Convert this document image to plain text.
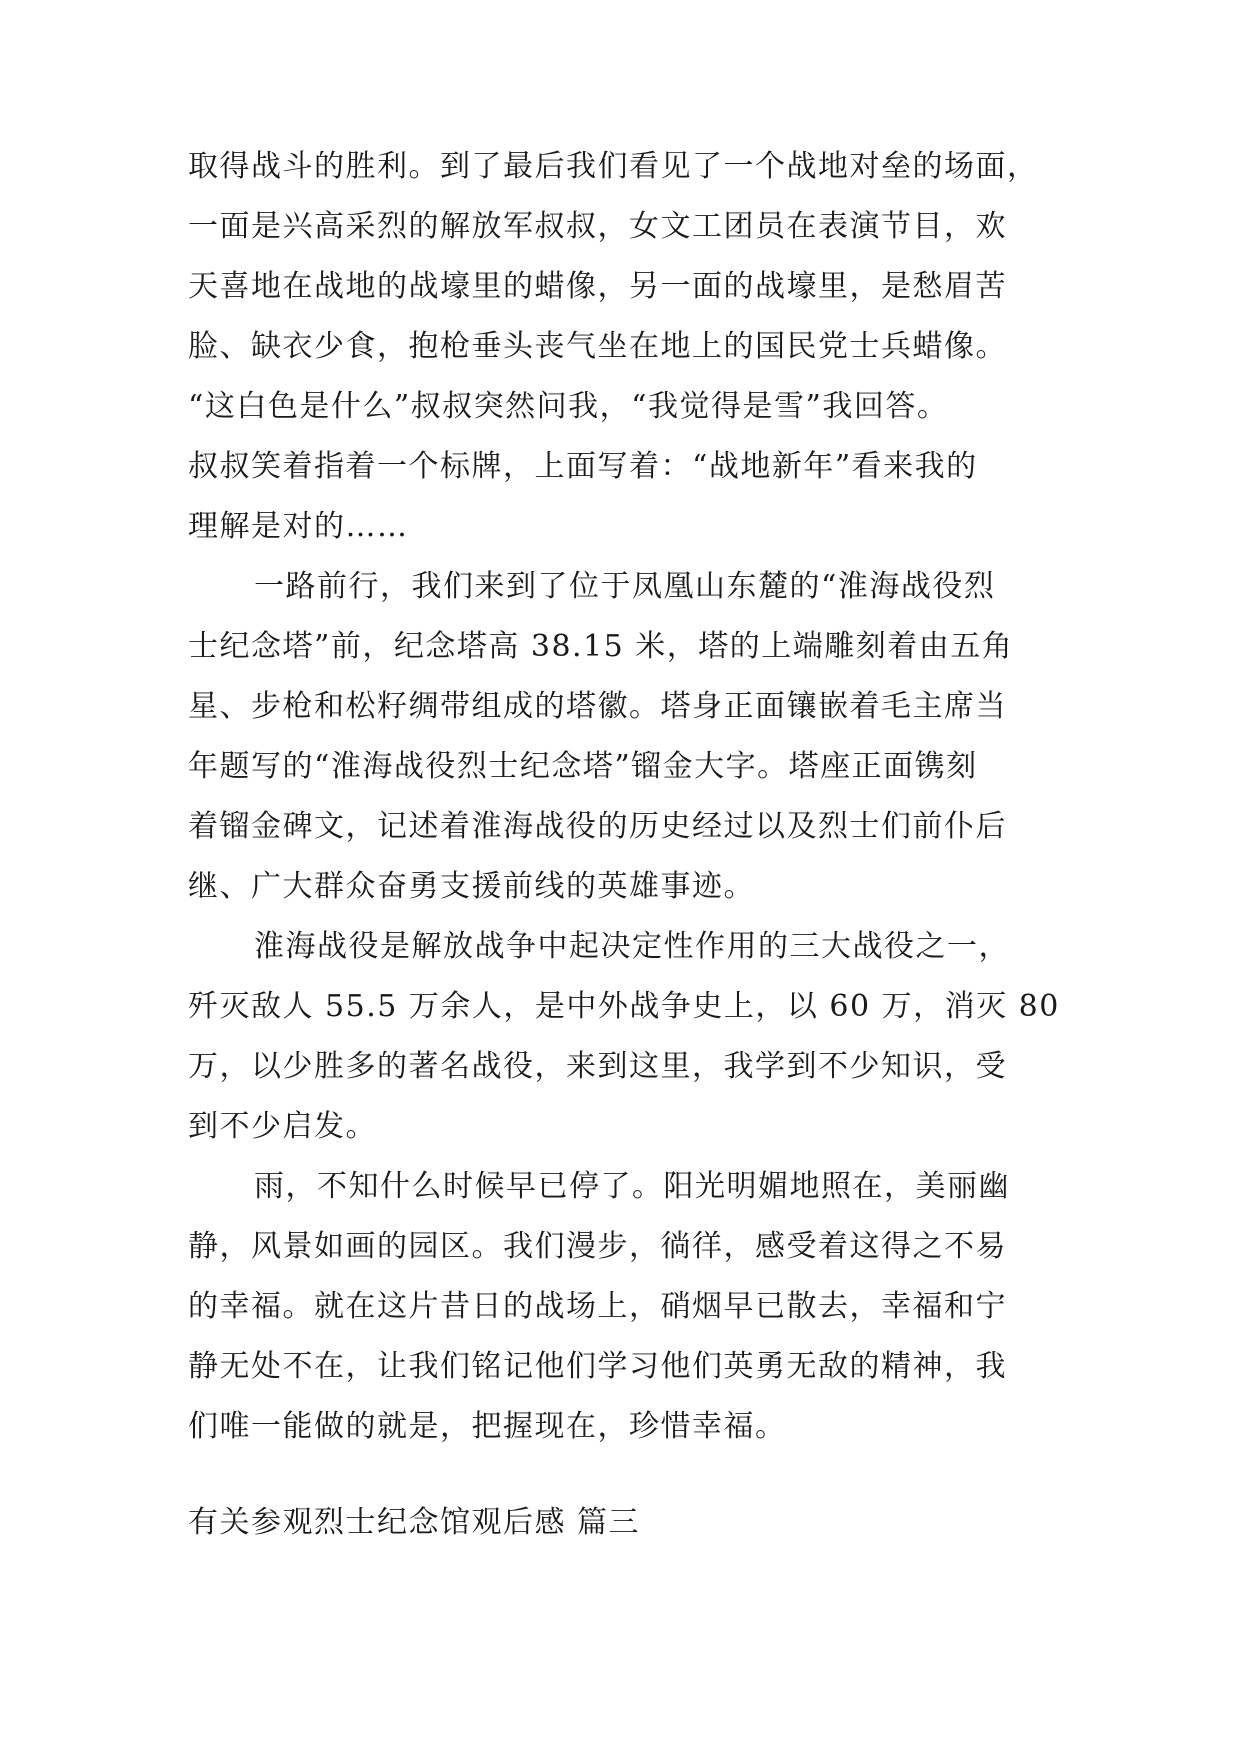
取得战斗的胜利。到了最后我们看见了一个战地对垒的场面，

一面是兴高采烈的解放军叔叔，女文工团员在表演节目，欢

天喜地在战地的战壕里的蜡像，另一面的战壕里，是愁眉苦

脸、缺衣少食，抱枪垂头丧气坐在地上的国民党士兵蜡像。

“这白色是什么”叔叔突然问我，“我觉得是雪”我回答。

叔叔笑着指着一个标牌，上面写着：“战地新年”看来我的

理解是对的……

一路前行，我们来到了位于凤凰山东麓的“淮海战役烈

士纪念塔”前，纪念塔高 38.15 米，塔的上端雕刻着由五角

星、步枪和松籽绸带组成的塔徽。塔身正面镶嵌着毛主席当

年题写的“淮海战役烈士纪念塔”镏金大字。塔座正面镌刻

着镏金碑文，记述着淮海战役的历史经过以及烈士们前仆后

继、广大群众奋勇支援前线的英雄事迹。

淮海战役是解放战争中起决定性作用的三大战役之一，

歼灭敌人 55.5 万余人，是中外战争史上，以 60 万，消灭 80

万，以少胜多的著名战役，来到这里，我学到不少知识，受

到不少启发。

雨，不知什么时候早已停了。阳光明媚地照在，美丽幽

静，风景如画的园区。我们漫步，徜徉，感受着这得之不易

的幸福。就在这片昔日的战场上，硝烟早已散去，幸福和宁

静无处不在，让我们铭记他们学习他们英勇无敌的精神，我

们唯一能做的就是，把握现在，珍惜幸福。

有关参观烈士纪念馆观后感 篇三
